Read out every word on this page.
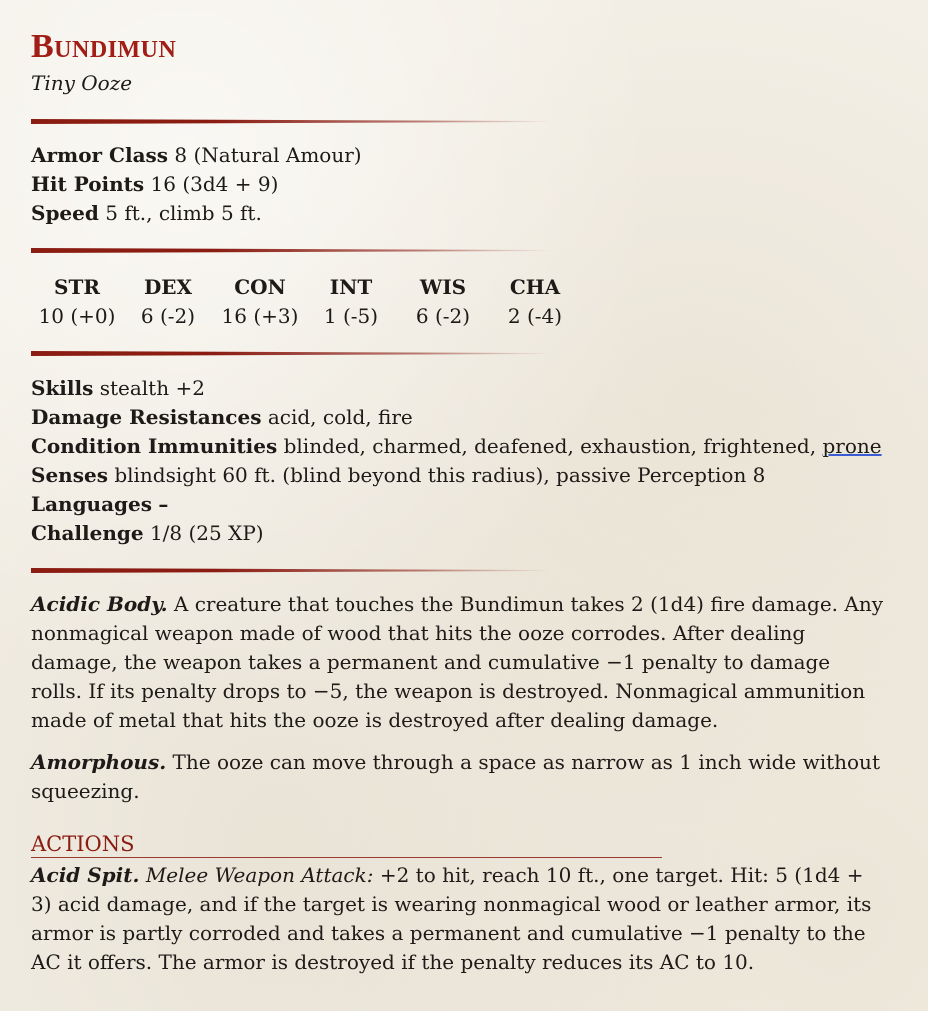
Bundimun
Tiny Ooze
Armor Class 8 (Natural Amour)
Hit Points 16 (3d4 + 9)
Speed 5 ft., climb 5 ft.
STR
10 (+0)
DEX
6 (-2)
CON
16 (+3)
INT
1 (-5)
WIS
6 (-2)
CHA
2 (-4)
Skills stealth +2
Damage Resistances acid, cold, fire
Condition Immunities blinded, charmed, deafened, exhaustion, frightened, prone
Senses blindsight 60 ft. (blind beyond this radius), passive Perception 8
Languages –
Challenge 1/8 (25 XP)
Acidic Body. A creature that touches the Bundimun takes 2 (1d4) fire damage. Any nonmagical weapon made of wood that hits the ooze corrodes. After dealing damage, the weapon takes a permanent and cumulative −1 penalty to damage rolls. If its penalty drops to −5, the weapon is destroyed. Nonmagical ammunition made of metal that hits the ooze is destroyed after dealing damage.
Amorphous. The ooze can move through a space as narrow as 1 inch wide without squeezing.
ACTIONS
Acid Spit. Melee Weapon Attack: +2 to hit, reach 10 ft., one target. Hit: 5 (1d4 + 3) acid damage, and if the target is wearing nonmagical wood or leather armor, its armor is partly corroded and takes a permanent and cumulative −1 penalty to the AC it offers. The armor is destroyed if the penalty reduces its AC to 10.
